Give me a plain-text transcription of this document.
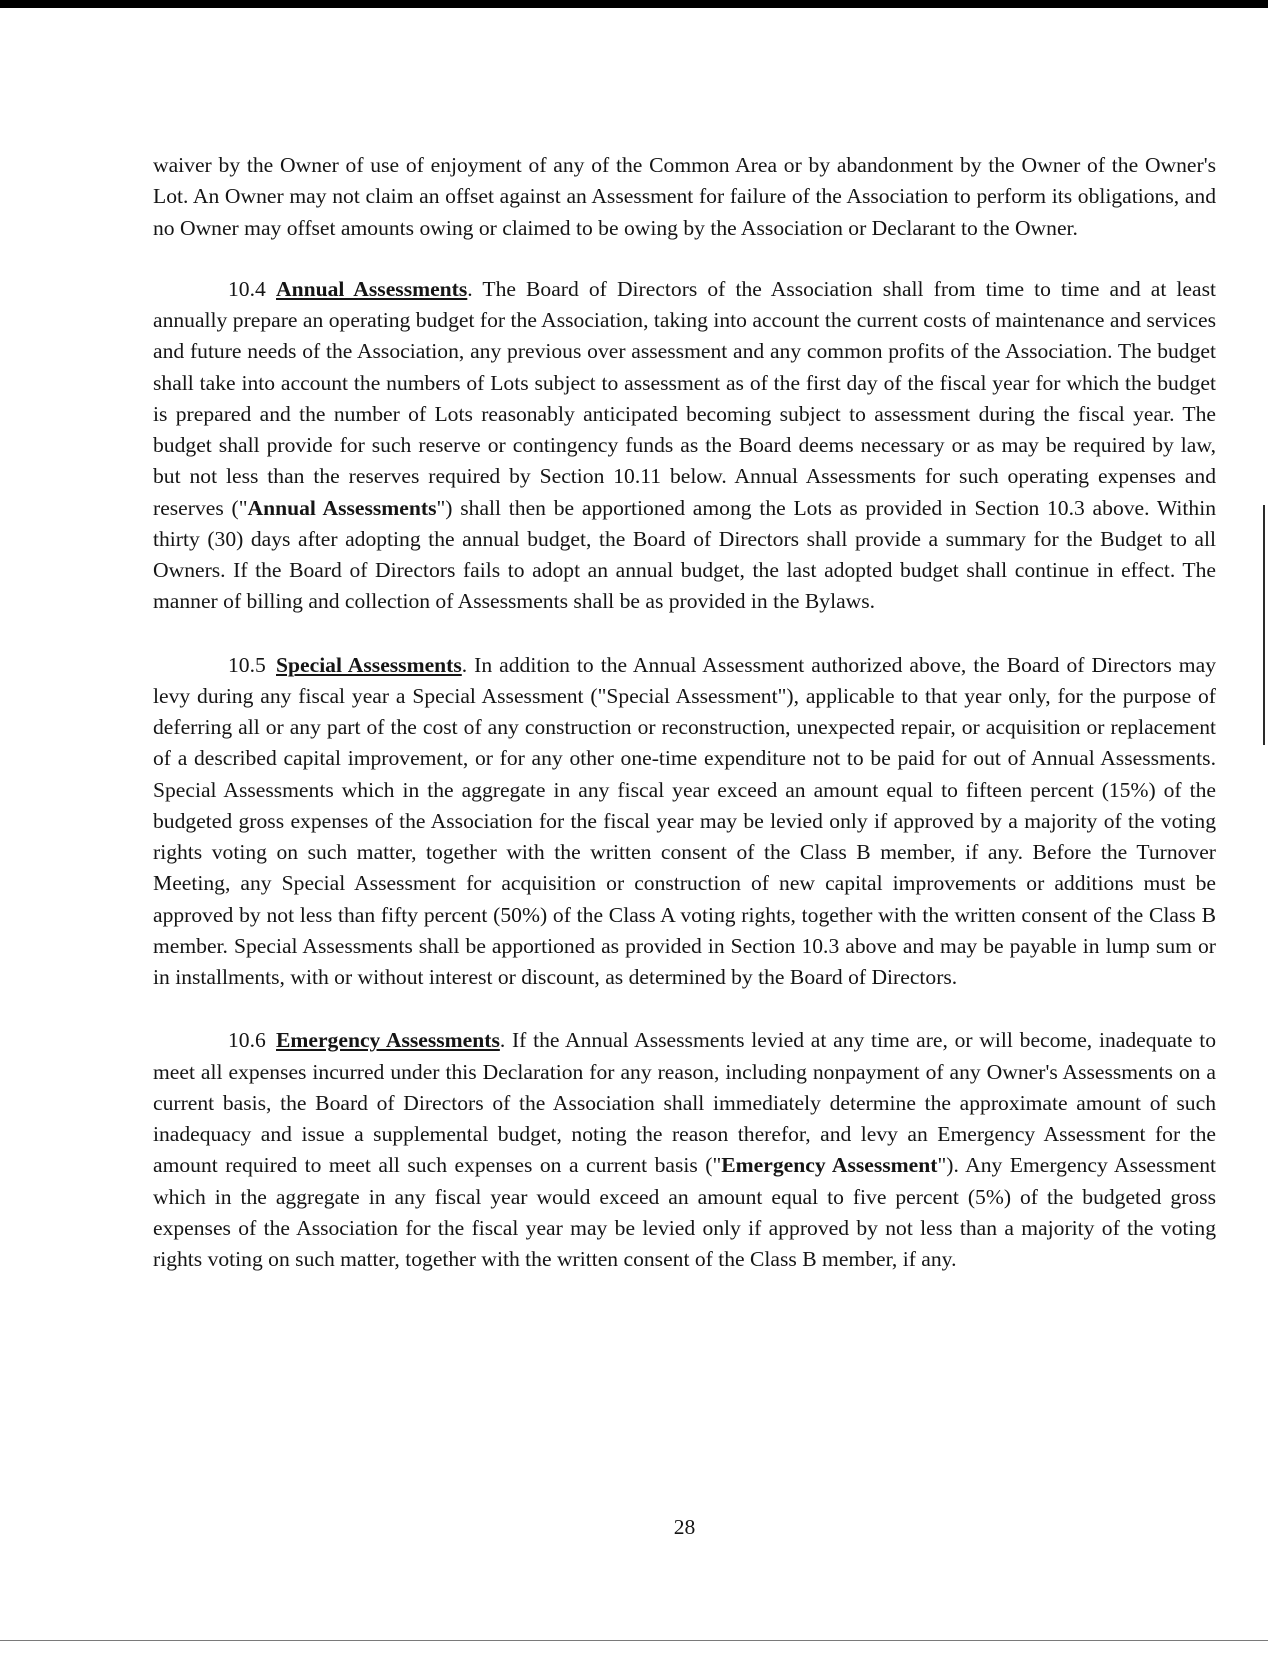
waiver by the Owner of use of enjoyment of any of the Common Area or by abandonment by the Owner of the Owner's Lot. An Owner may not claim an offset against an Assessment for failure of the Association to perform its obligations, and no Owner may offset amounts owing or claimed to be owing by the Association or Declarant to the Owner.

10.4 Annual Assessments. The Board of Directors of the Association shall from time to time and at least annually prepare an operating budget for the Association, taking into account the current costs of maintenance and services and future needs of the Association, any previous over assessment and any common profits of the Association. The budget shall take into account the numbers of Lots subject to assessment as of the first day of the fiscal year for which the budget is prepared and the number of Lots reasonably anticipated becoming subject to assessment during the fiscal year. The budget shall provide for such reserve or contingency funds as the Board deems necessary or as may be required by law, but not less than the reserves required by Section 10.11 below. Annual Assessments for such operating expenses and reserves ("Annual Assessments") shall then be apportioned among the Lots as provided in Section 10.3 above. Within thirty (30) days after adopting the annual budget, the Board of Directors shall provide a summary for the Budget to all Owners. If the Board of Directors fails to adopt an annual budget, the last adopted budget shall continue in effect. The manner of billing and collection of Assessments shall be as provided in the Bylaws.

10.5 Special Assessments. In addition to the Annual Assessment authorized above, the Board of Directors may levy during any fiscal year a Special Assessment ("Special Assessment"), applicable to that year only, for the purpose of deferring all or any part of the cost of any construction or reconstruction, unexpected repair, or acquisition or replacement of a described capital improvement, or for any other one-time expenditure not to be paid for out of Annual Assessments. Special Assessments which in the aggregate in any fiscal year exceed an amount equal to fifteen percent (15%) of the budgeted gross expenses of the Association for the fiscal year may be levied only if approved by a majority of the voting rights voting on such matter, together with the written consent of the Class B member, if any. Before the Turnover Meeting, any Special Assessment for acquisition or construction of new capital improvements or additions must be approved by not less than fifty percent (50%) of the Class A voting rights, together with the written consent of the Class B member. Special Assessments shall be apportioned as provided in Section 10.3 above and may be payable in lump sum or in installments, with or without interest or discount, as determined by the Board of Directors.

10.6 Emergency Assessments. If the Annual Assessments levied at any time are, or will become, inadequate to meet all expenses incurred under this Declaration for any reason, including nonpayment of any Owner's Assessments on a current basis, the Board of Directors of the Association shall immediately determine the approximate amount of such inadequacy and issue a supplemental budget, noting the reason therefor, and levy an Emergency Assessment for the amount required to meet all such expenses on a current basis ("Emergency Assessment"). Any Emergency Assessment which in the aggregate in any fiscal year would exceed an amount equal to five percent (5%) of the budgeted gross expenses of the Association for the fiscal year may be levied only if approved by not less than a majority of the voting rights voting on such matter, together with the written consent of the Class B member, if any.

28
